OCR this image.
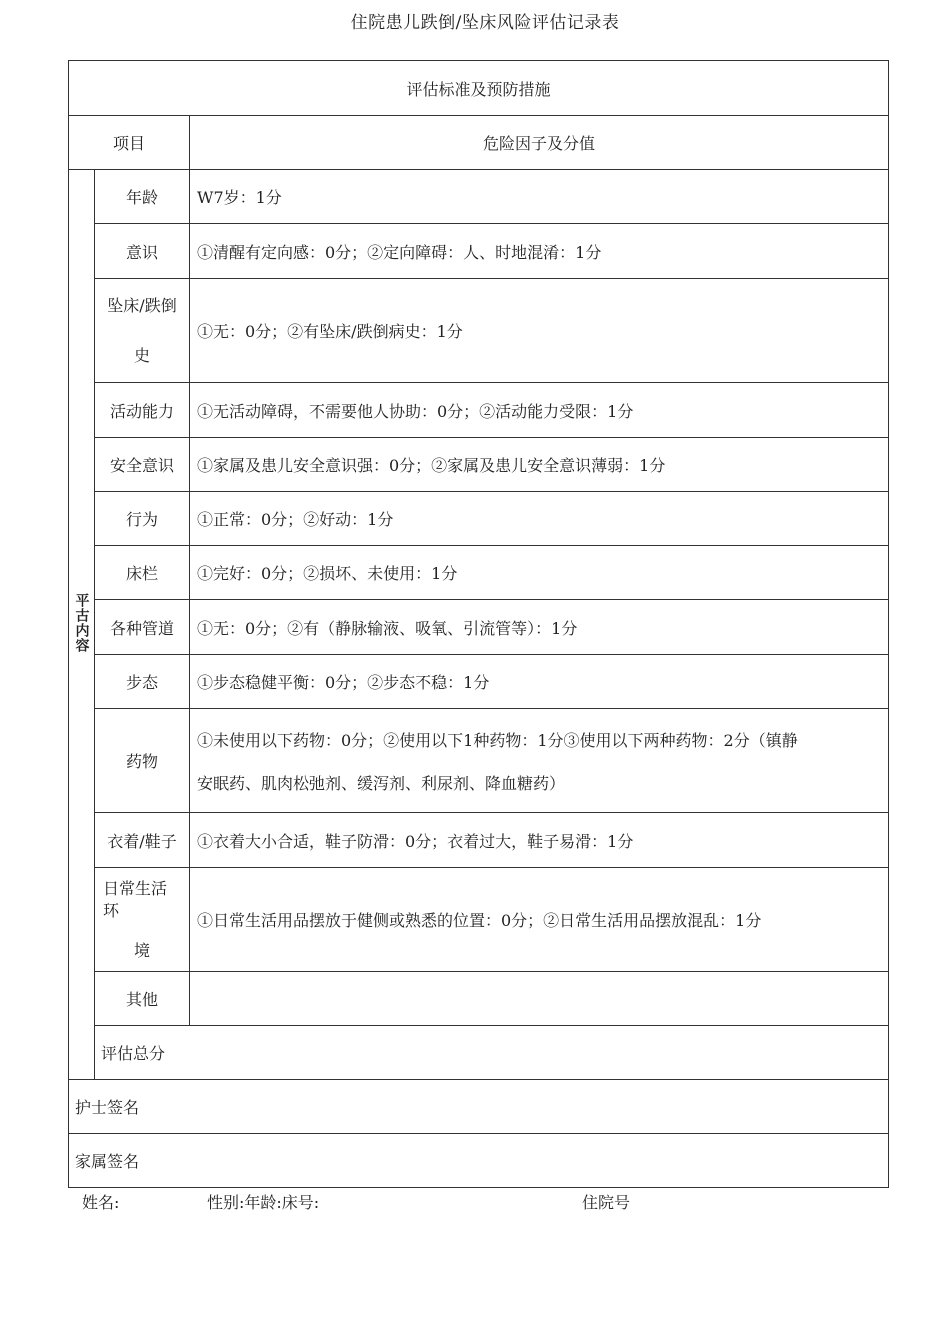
住院患儿跌倒/坠床风险评估记录表
评估标准及预防措施		
项目		危险因子及分值
平古内容	年龄	W7岁：1分
	意识	①清醒有定向感：0分；②定向障碍：人、时地混淆：1分
	坠床/跌倒
史	①无：0分；②有坠床/跌倒病史：1分
	活动能力	①无活动障碍，不需要他人协助：0分；②活动能力受限：1分
	安全意识	①家属及患儿安全意识强：0分；②家属及患儿安全意识薄弱：1分
	行为	①正常：0分；②好动：1分
	床栏	①完好：0分；②损坏、未使用：1分
	各种管道	①无：0分；②有（静脉输液、吸氧、引流管等）：1分
	步态	①步态稳健平衡：0分；②步态不稳：1分
	药物	①未使用以下药物：0分；②使用以下1种药物：1分③使用以下两种药物：2分（镇静
安眠药、肌肉松弛剂、缓泻剂、利尿剂、降血糖药）

	衣着/鞋子	①衣着大小合适，鞋子防滑：0分；衣着过大，鞋子易滑：1分
	日常生活环
境	①日常生活用品摆放于健侧或熟悉的位置：0分；②日常生活用品摆放混乱：1分
	其他	
	评估总分	
护士签名		
家属签名		
姓名:	性别:年龄:床号:	住院号
